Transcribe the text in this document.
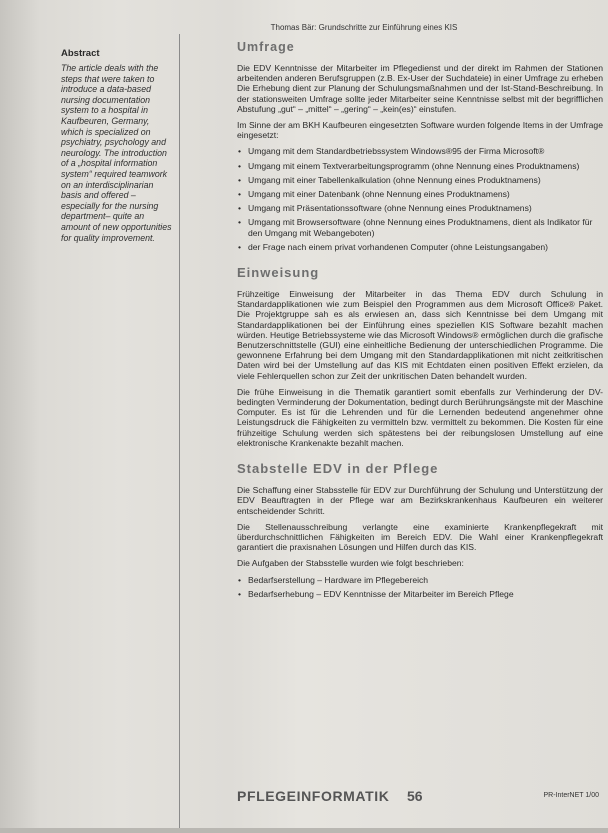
Thomas Bär: Grundschritte zur Einführung eines KIS
Abstract

The article deals with the steps that were taken to introduce a data-based nursing documentation system to a hospital in Kaufbeuren, Germany, which is specialized on psychiatry, psychology and neurology. The introduction of a „hospital information system“ required teamwork on an interdisciplinarian basis and offered –especially for the nursing department– quite an amount of new opportunities for quality improvement.

Umfrage

Die EDV Kenntnisse der Mitarbeiter im Pflegedienst und der direkt im Rahmen der Stationen arbeitenden anderen Berufsgruppen (z.B. Ex-User der Suchdateie) in einer Umfrage zu erheben Die Erhebung dient zur Planung der Schulungsmaßnahmen und der Ist-Stand-Beschreibung. In der stationsweiten Umfrage sollte jeder Mitarbeiter seine Kenntnisse selbst mit der begrifflichen Abstufung „gut“ – „mittel“ – „gering“ – „kein(es)“ einstufen.

Im Sinne der am BKH Kaufbeuren eingesetzten Software wurden folgende Items in der Umfrage eingesetzt:

• Umgang mit dem Standardbetriebssystem Windows®95 der Firma Microsoft®
• Umgang mit einem Textverarbeitungsprogramm (ohne Nennung eines Produktnamens)
• Umgang mit einer Tabellenkalkulation (ohne Nennung eines Produktnamens)
• Umgang mit einer Datenbank (ohne Nennung eines Produktnamens)
• Umgang mit Präsentationssoftware (ohne Nennung eines Produktnamens)
• Umgang mit Browsersoftware (ohne Nennung eines Produktnamens, dient als Indikator für den Umgang mit Webangeboten)
• der Frage nach einem privat vorhandenen Computer (ohne Leistungsangaben)
Einweisung

Frühzeitige Einweisung der Mitarbeiter in das Thema EDV durch Schulung in Standardapplikationen wie zum Beispiel den Programmen aus dem Microsoft Office® Paket. Die Projektgruppe sah es als erwiesen an, dass sich Kenntnisse bei dem Umgang mit Standardapplikationen bei der Einführung eines speziellen KIS Software bezahlt machen würden. Heutige Betriebssysteme wie das Microsoft Windows® ermöglichen durch die grafische Benutzerschnittstelle (GUI) eine einheitliche Bedienung der unterschiedlichen Programme. Die gewonnene Erfahrung bei dem Umgang mit den Standardapplikationen mit nicht zeitkritischen Daten wird bei der Umstellung auf das KIS mit Echtdaten einen positiven Effekt erzielen, da viele Fehlerquellen schon zur Zeit der unkritischen Daten behandelt wurden.

Die frühe Einweisung in die Thematik garantiert somit ebenfalls zur Verhinderung der DV-bedingten Verminderung der Dokumentation, bedingt durch Berührungsängste mit der Maschine Computer. Es ist für die Lehrenden und für die Lernenden bedeutend angenehmer ohne Leistungsdruck die Fähigkeiten zu vermitteln bzw. vermittelt zu bekommen. Die Kosten für eine frühzeitige Schulung werden sich spätestens bei der reibungslosen Umstellung auf eine elektronische Krankenakte bezahlt machen.

Stabstelle EDV in der Pflege

Die Schaffung einer Stabsstelle für EDV zur Durchführung der Schulung und Unterstützung der EDV Beauftragten in der Pflege war am Bezirkskrankenhaus Kaufbeuren ein weiterer entscheidender Schritt.

Die Stellenausschreibung verlangte eine examinierte Krankenpflegekraft mit überdurchschnittlichen Fähigkeiten im Bereich EDV. Die Wahl einer Krankenpflegekraft garantiert die praxisnahen Lösungen und Hilfen durch das KIS.

Die Aufgaben der Stabsstelle wurden wie folgt beschrieben:

• Bedarfserstellung – Hardware im Pflegebereich
• Bedarfserhebung – EDV Kenntnisse der Mitarbeiter im Bereich Pflege
PFLEGEINFORMATIK 56	PR-InterNET 1/00
